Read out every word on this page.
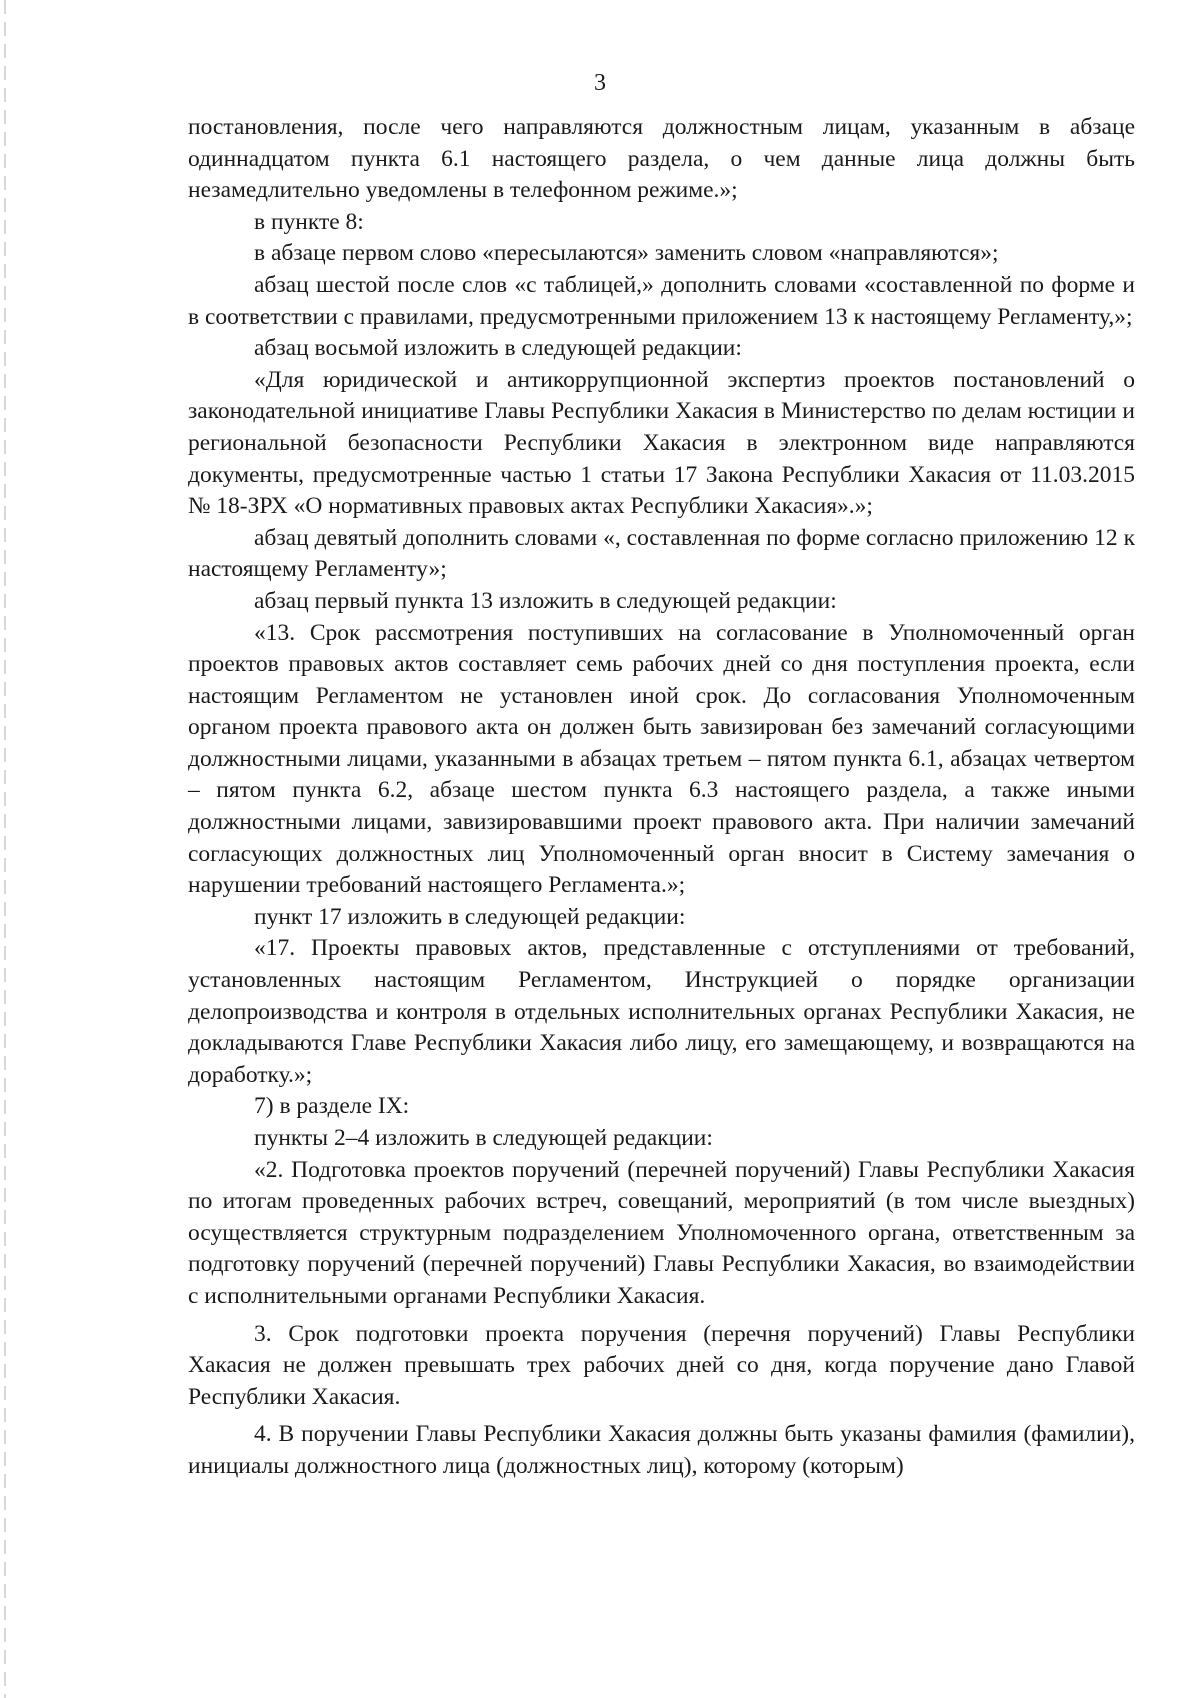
3

постановления, после чего направляются должностным лицам, указанным в абзаце одиннадцатом пункта 6.1 настоящего раздела, о чем данные лица должны быть незамедлительно уведомлены в телефонном режиме.»;

в пункте 8:

в абзаце первом слово «пересылаются» заменить словом «направляются»;

абзац шестой после слов «с таблицей,» дополнить словами «составленной по форме и в соответствии с правилами, предусмотренными приложением 13 к настоящему Регламенту,»;

абзац восьмой изложить в следующей редакции:

«Для юридической и антикоррупционной экспертиз проектов постановлений о законодательной инициативе Главы Республики Хакасия в Министерство по делам юстиции и региональной безопасности Республики Хакасия в электронном виде направляются документы, предусмотренные частью 1 статьи 17 Закона Республики Хакасия от 11.03.2015 № 18-ЗРХ «О нормативных правовых актах Республики Хакасия».»;

абзац девятый дополнить словами «, составленная по форме согласно приложению 12 к настоящему Регламенту»;

абзац первый пункта 13 изложить в следующей редакции:

«13. Срок рассмотрения поступивших на согласование в Уполномоченный орган проектов правовых актов составляет семь рабочих дней со дня поступления проекта, если настоящим Регламентом не установлен иной срок. До согласования Уполномоченным органом проекта правового акта он должен быть завизирован без замечаний согласующими должностными лицами, указанными в абзацах третьем – пятом пункта 6.1, абзацах четвертом – пятом пункта 6.2, абзаце шестом пункта 6.3 настоящего раздела, а также иными должностными лицами, завизировавшими проект правового акта. При наличии замечаний согласующих должностных лиц Уполномоченный орган вносит в Систему замечания о нарушении требований настоящего Регламента.»;

пункт 17 изложить в следующей редакции:

«17. Проекты правовых актов, представленные с отступлениями от требований, установленных настоящим Регламентом, Инструкцией о порядке организации делопроизводства и контроля в отдельных исполнительных органах Республики Хакасия, не докладываются Главе Республики Хакасия либо лицу, его замещающему, и возвращаются на доработку.»;

7) в разделе IX:

пункты 2–4 изложить в следующей редакции:

«2. Подготовка проектов поручений (перечней поручений) Главы Республики Хакасия по итогам проведенных рабочих встреч, совещаний, мероприятий (в том числе выездных) осуществляется структурным подразделением Уполномоченного органа, ответственным за подготовку поручений (перечней поручений) Главы Республики Хакасия, во взаимодействии с исполнительными органами Республики Хакасия.

3. Срок подготовки проекта поручения (перечня поручений) Главы Республики Хакасия не должен превышать трех рабочих дней со дня, когда поручение дано Главой Республики Хакасия.

4. В поручении Главы Республики Хакасия должны быть указаны фамилия (фамилии), инициалы должностного лица (должностных лиц), которому (которым)
